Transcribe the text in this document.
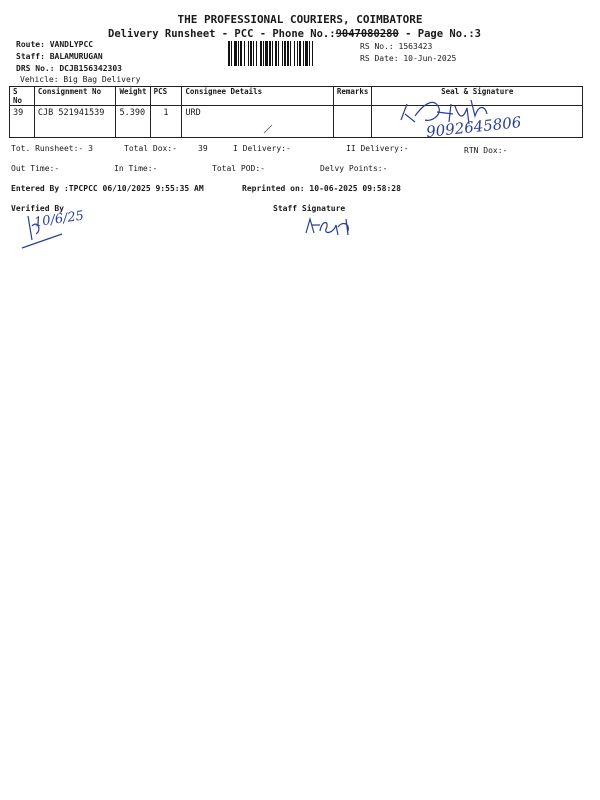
THE PROFESSIONAL COURIERS, COIMBATORE
Delivery Runsheet - PCC - Phone No.:9047080280 - Page No.:3
Route: VANDLYPCC
Staff: BALAMURUGAN
DRS No.: DCJB156342303
Vehicle: Big Bag Delivery
RS No.: 1563423
RS Date: 10-Jun-2025
S No	Consignment No	Weight	PCS	Consignee Details	Remarks	Seal & Signature
39	CJB 521941539	5.390	1	URD		
9092645806
Tot. Runsheet:- 3	Total Dox:-	39	I Delivery:-	II Delivery:-	RTN Dox:-
Out Time:-	In Time:-	Total POD:-	Delvy Points:-
Entered By :TPCPCC 06/10/2025 9:55:35 AM	Reprinted on: 10-06-2025 09:58:28
Verified By	Staff Signature
10/6/25
